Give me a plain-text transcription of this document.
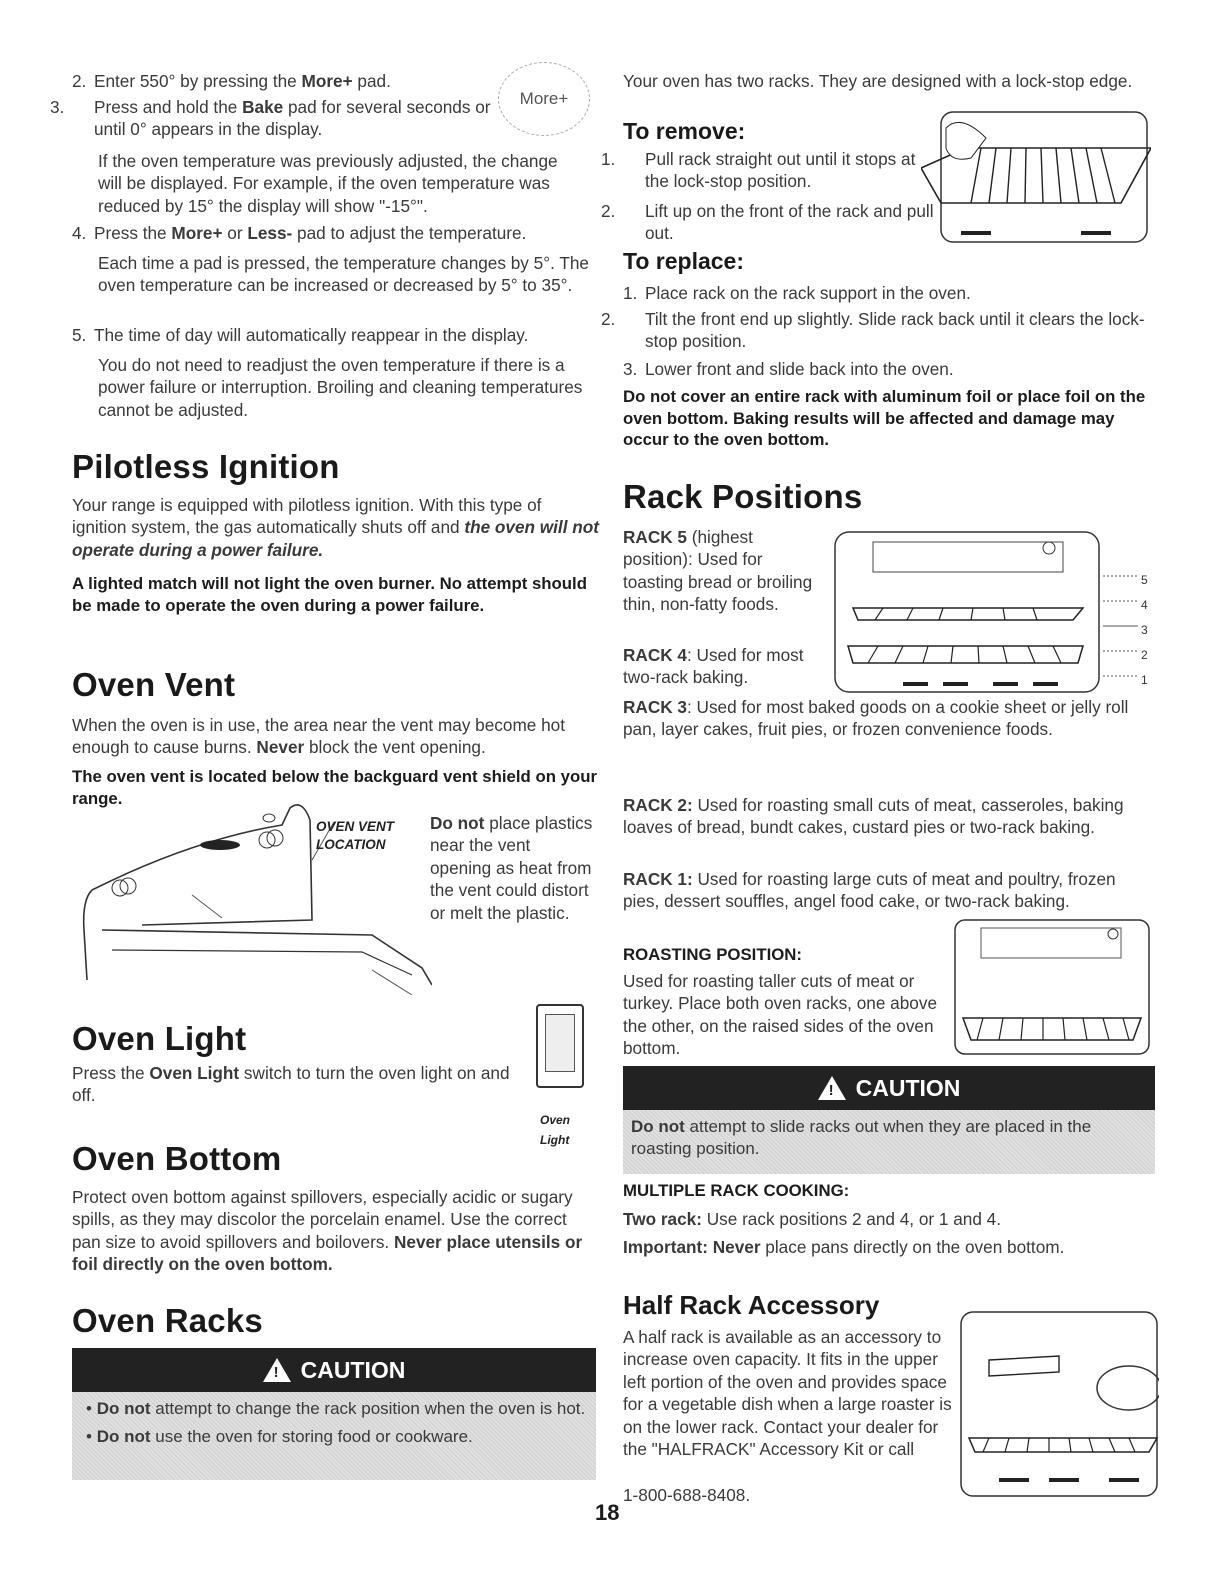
2. Enter 550° by pressing the More+ pad.
3. Press and hold the Bake pad for several seconds or until 0° appears in the display.
More+

If the oven temperature was previously adjusted, the change will be displayed. For example, if the oven temperature was reduced by 15° the display will show "-15°".

4. Press the More+ or Less- pad to adjust the temperature.

Each time a pad is pressed, the temperature changes by 5°. The oven temperature can be increased or decreased by 5° to 35°.

5. The time of day will automatically reappear in the display.

You do not need to readjust the oven temperature if there is a power failure or interruption. Broiling and cleaning temperatures cannot be adjusted.

Pilotless Ignition

Your range is equipped with pilotless ignition. With this type of ignition system, the gas automatically shuts off and the oven will not operate during a power failure.

A lighted match will not light the oven burner. No attempt should be made to operate the oven during a power failure.

Oven Vent

When the oven is in use, the area near the vent may become hot enough to cause burns. Never block the vent opening.

The oven vent is located below the backguard vent shield on your range.

OVEN VENT
LOCATION

Do not place plastics near the vent opening as heat from the vent could distort or melt the plastic.

Oven Light

Press the Oven Light switch to turn the oven light on and off.

Oven
Light
Oven Bottom

Protect oven bottom against spillovers, especially acidic or sugary spills, as they may discolor the porcelain enamel. Use the correct pan size to avoid spillovers and boilovers. Never place utensils or foil directly on the oven bottom.

Oven Racks
! CAUTION
• Do not attempt to change the rack position when the oven is hot.
• Do not use the oven for storing food or cookware.

Your oven has two racks. They are designed with a lock-stop edge.

To remove:
1. Pull rack straight out until it stops at the lock-stop position.
2. Lift up on the front of the rack and pull out.
To replace:
1. Place rack on the rack support in the oven.
2. Tilt the front end up slightly. Slide rack back until it clears the lock-stop position.
3. Lower front and slide back into the oven.

Do not cover an entire rack with aluminum foil or place foil on the oven bottom. Baking results will be affected and damage may occur to the oven bottom.

Rack Positions

RACK 5 (highest position): Used for toasting bread or broiling thin, non-fatty foods.

RACK 4: Used for most two-rack baking.

RACK 3: Used for most baked goods on a cookie sheet or jelly roll pan, layer cakes, fruit pies, or frozen convenience foods.

5
4
3
2
1

RACK 2: Used for roasting small cuts of meat, casseroles, baking loaves of bread, bundt cakes, custard pies or two-rack baking.

RACK 1: Used for roasting large cuts of meat and poultry, frozen pies, dessert souffles, angel food cake, or two-rack baking.

ROASTING POSITION:

Used for roasting taller cuts of meat or turkey. Place both oven racks, one above the other, on the raised sides of the oven bottom.

! CAUTION
Do not attempt to slide racks out when they are placed in the roasting position.
MULTIPLE RACK COOKING:

Two rack: Use rack positions 2 and 4, or 1 and 4.

Important: Never place pans directly on the oven bottom.

Half Rack Accessory

A half rack is available as an accessory to increase oven capacity. It fits in the upper left portion of the oven and provides space for a vegetable dish when a large roaster is on the lower rack. Contact your dealer for the "HALFRACK" Accessory Kit or call

1-800-688-8408.
18
